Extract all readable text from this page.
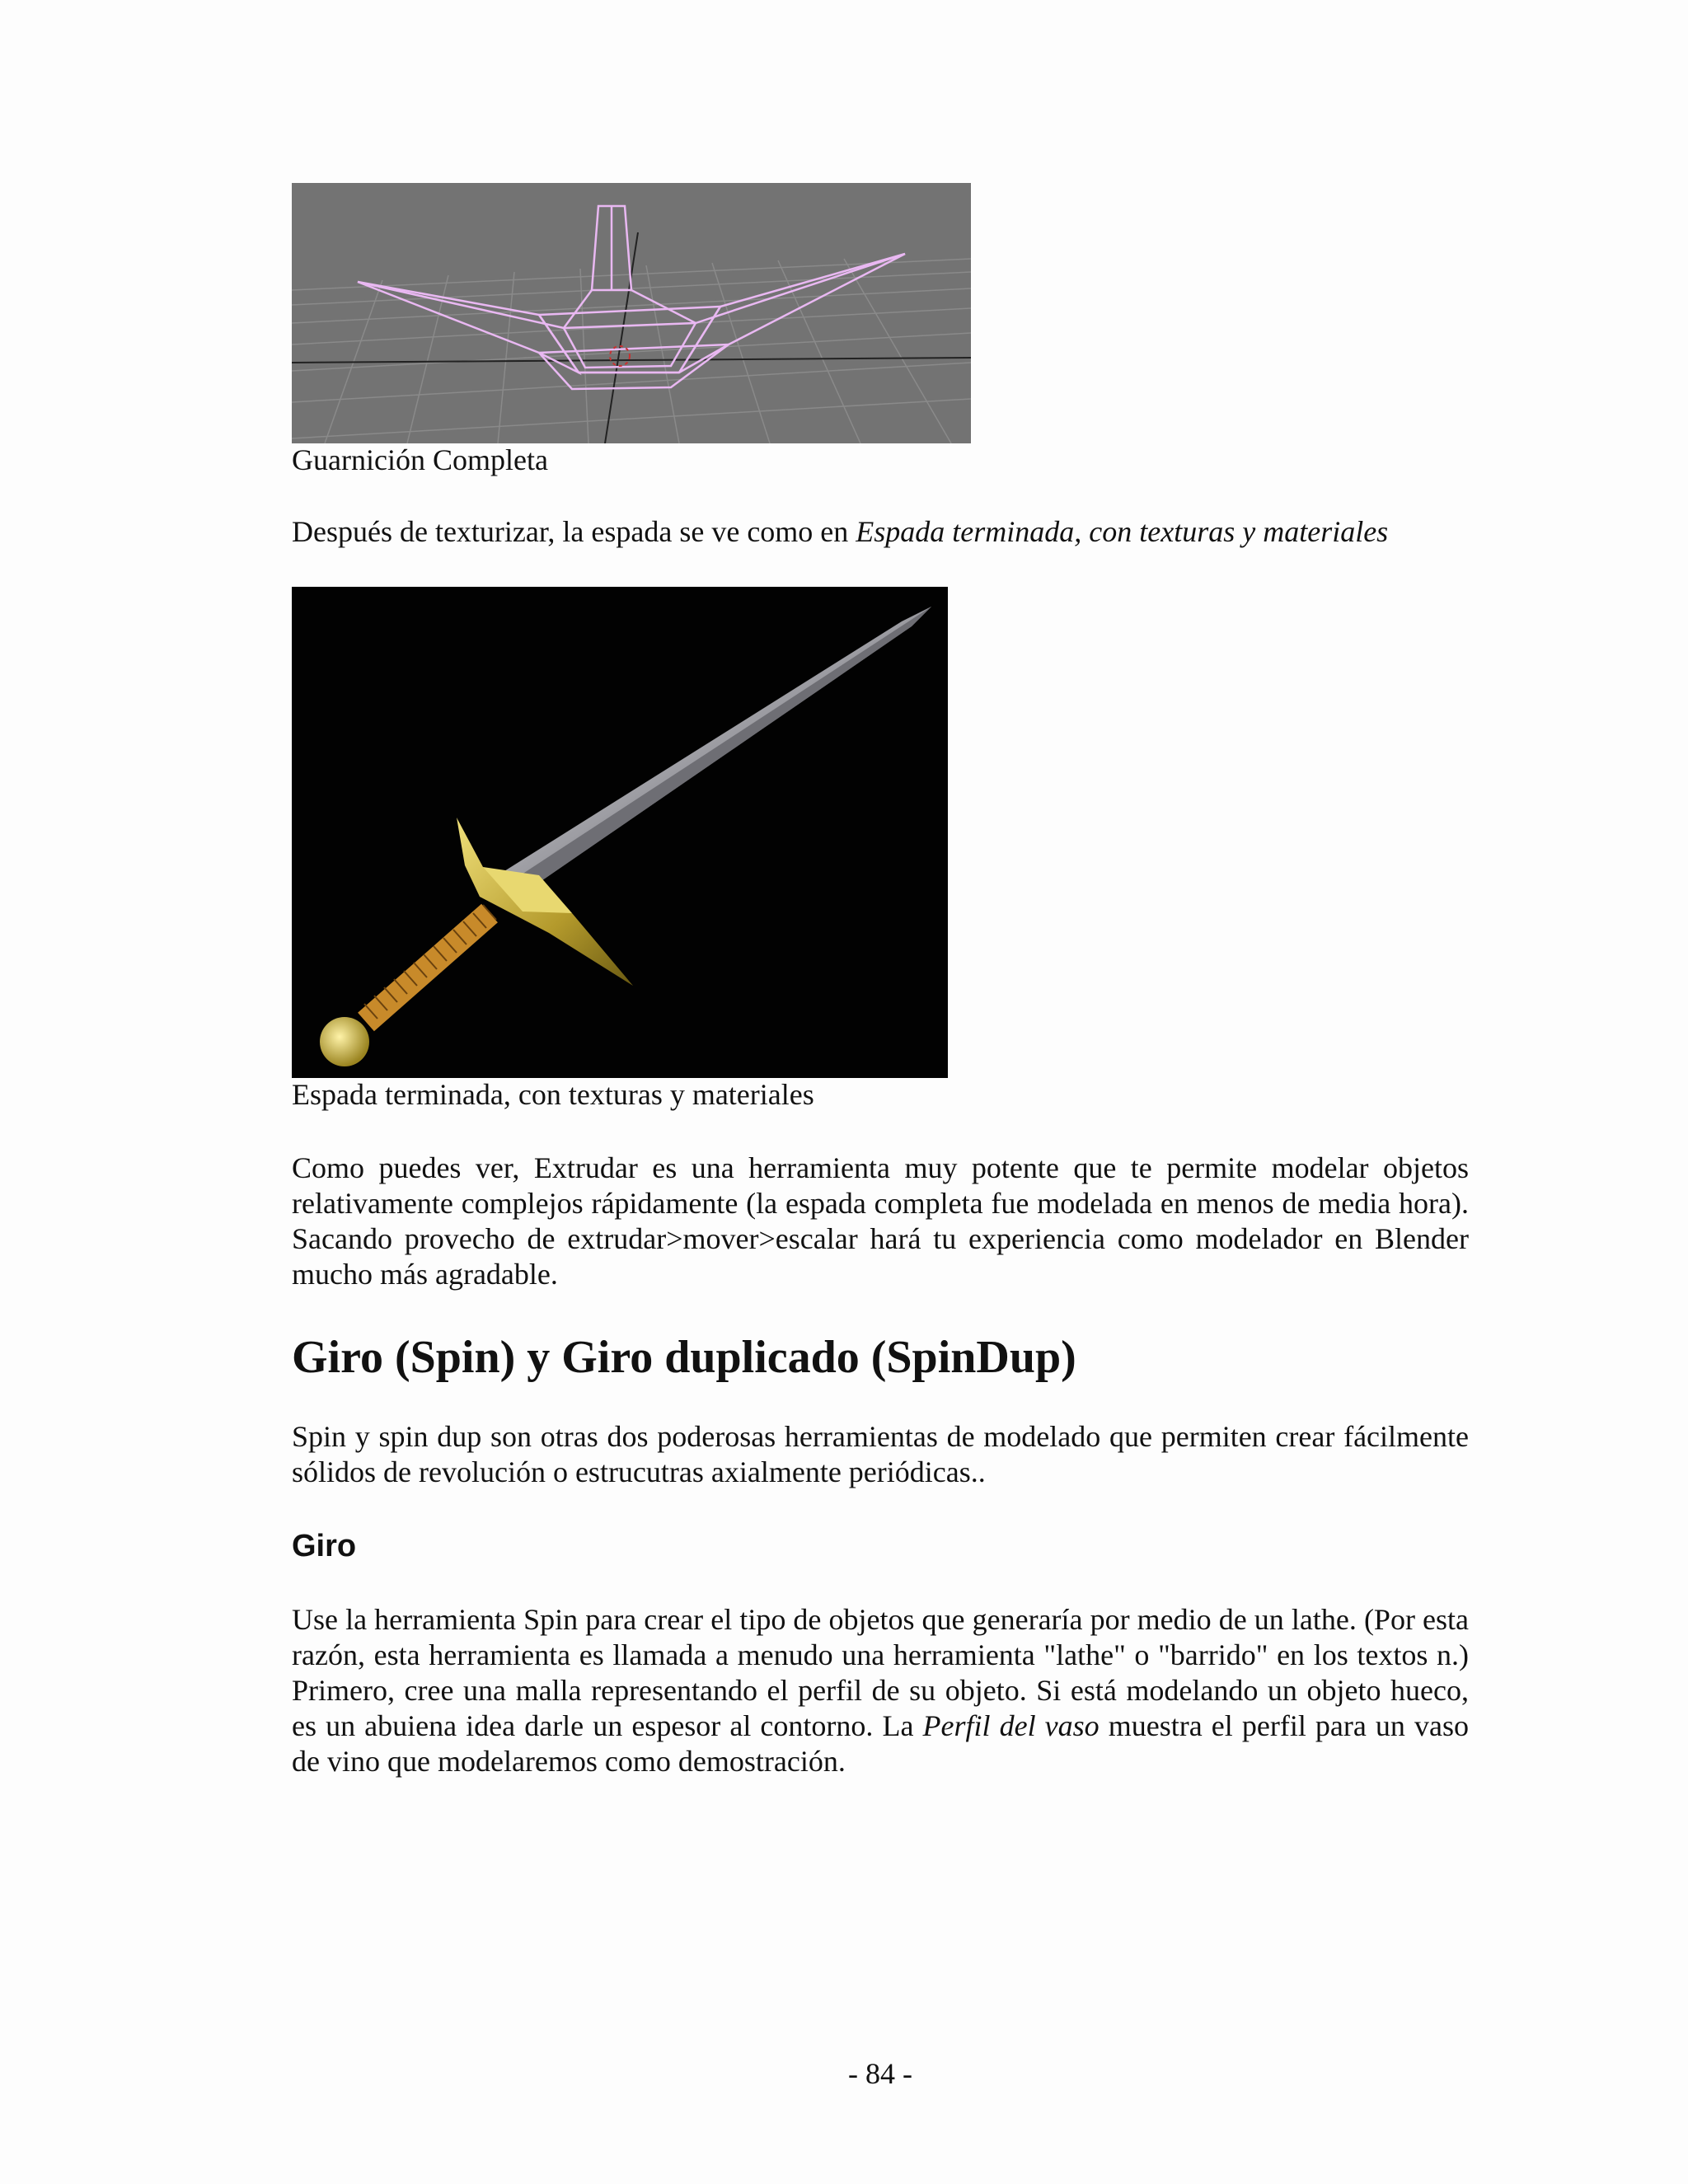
Guarnición Completa

Después de texturizar, la espada se ve como en Espada terminada, con texturas y materiales

Espada terminada, con texturas y materiales

Como puedes ver, Extrudar es una herramienta muy potente que te permite modelar objetos relativamente complejos rápidamente (la espada completa fue modelada en menos de media hora). Sacando provecho de extrudar>mover>escalar hará tu experiencia como modelador en Blender mucho más agradable.

Giro (Spin) y Giro duplicado (SpinDup)

Spin y spin dup son otras dos poderosas herramientas de modelado que permiten crear fácilmente sólidos de revolución o estrucutras axialmente periódicas..

Giro

Use la herramienta Spin para crear el tipo de objetos que generaría por medio de un lathe. (Por esta razón, esta herramienta es llamada a menudo una herramienta "lathe" o "barrido" en los textos n.) Primero, cree una malla representando el perfil de su objeto. Si está modelando un objeto hueco, es un abuiena idea darle un espesor al contorno. La Perfil del vaso muestra el perfil para un vaso de vino que modelaremos como demostración.

- 84 -
